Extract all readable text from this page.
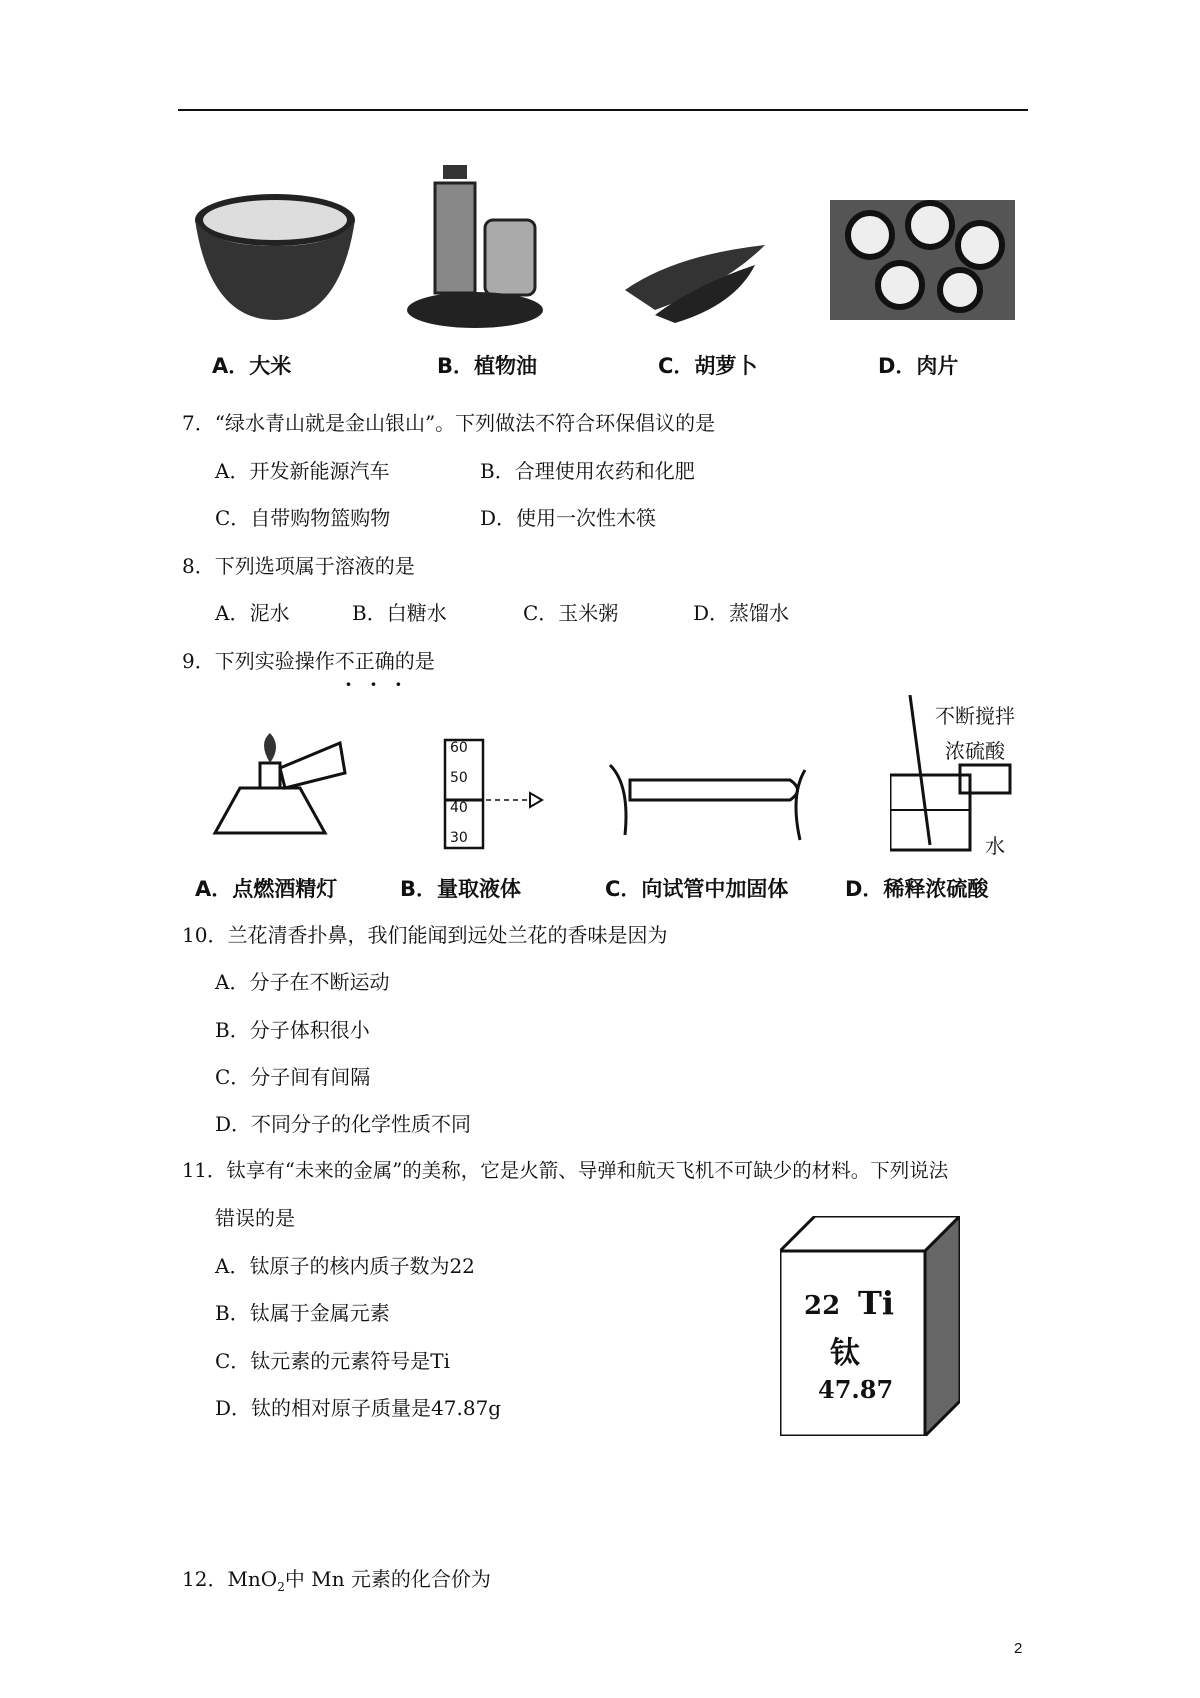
A．大米	B．植物油	C．胡萝卜	D．肉片
7．“绿水青山就是金山银山”。下列做法不符合环保倡议的是
A．开发新能源汽车	B．合理使用农药和化肥
C．自带购物篮购物	D．使用一次性木筷
8．下列选项属于溶液的是
A．泥水	B．白糖水	C．玉米粥	D．蒸馏水
9．下列实验操作不正确的是
···
60
50
40
30
不断搅拌
浓硫酸
水
A．点燃酒精灯	B．量取液体	C．向试管中加固体	D．稀释浓硫酸
10．兰花清香扑鼻，我们能闻到远处兰花的香味是因为
A．分子在不断运动
B．分子体积很小
C．分子间有间隔
D．不同分子的化学性质不同
11．钛享有“未来的金属”的美称，它是火箭、导弹和航天飞机不可缺少的材料。下列说法
错误的是
A．钛原子的核内质子数为22
B．钛属于金属元素
C．钛元素的元素符号是Ti
D．钛的相对原子质量是47.87g
22 Ti
钛
47.87
12．MnO$_2$中 Mn 元素的化合价为
2
